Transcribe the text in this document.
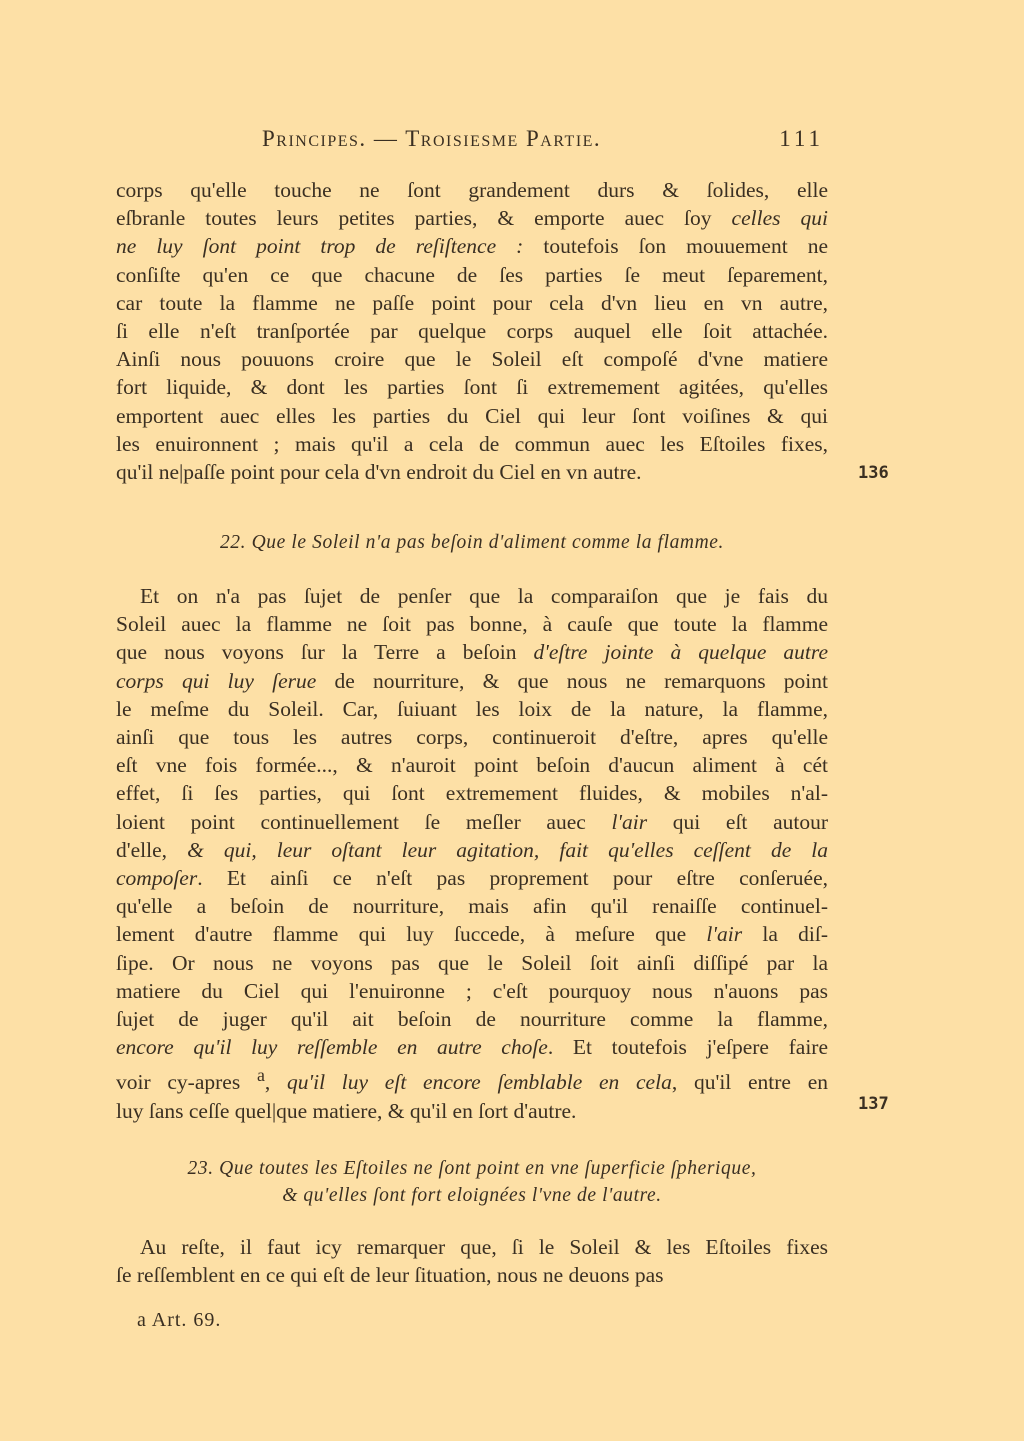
Principes. — Troisiesme Partie.	111
corps qu'elle touche ne ſont grandement durs & ſolides, elle
eſbranle toutes leurs petites parties, & emporte auec ſoy celles qui
ne luy ſont point trop de reſiſtence : toutefois ſon mouuement ne
conſiſte qu'en ce que chacune de ſes parties ſe meut ſeparement,
car toute la flamme ne paſſe point pour cela d'vn lieu en vn autre,
ſi elle n'eſt tranſportée par quelque corps auquel elle ſoit attachée.
Ainſi nous pouuons croire que le Soleil eſt compoſé d'vne matiere
fort liquide, & dont les parties ſont ſi extremement agitées, qu'elles
emportent auec elles les parties du Ciel qui leur ſont voiſines & qui
les enuironnent ; mais qu'il a cela de commun auec les Eſtoiles fixes,
qu'il ne|paſſe point pour cela d'vn endroit du Ciel en vn autre.	136
22. Que le Soleil n'a pas beſoin d'aliment comme la flamme.
Et on n'a pas ſujet de penſer que la comparaiſon que je fais du
Soleil auec la flamme ne ſoit pas bonne, à cauſe que toute la flamme
que nous voyons ſur la Terre a beſoin d'eſtre jointe à quelque autre
corps qui luy ſerue de nourriture, & que nous ne remarquons point
le meſme du Soleil. Car, ſuiuant les loix de la nature, la flamme,
ainſi que tous les autres corps, continueroit d'eſtre, apres qu'elle
eſt vne fois formée..., & n'auroit point beſoin d'aucun aliment à cét
effet, ſi ſes parties, qui ſont extremement fluides, & mobiles n'al-
loient point continuellement ſe meſler auec l'air qui eſt autour
d'elle, & qui, leur oſtant leur agitation, fait qu'elles ceſſent de la
compoſer. Et ainſi ce n'eſt pas proprement pour eſtre conſeruée,
qu'elle a beſoin de nourriture, mais afin qu'il renaiſſe continuel-
lement d'autre flamme qui luy ſuccede, à meſure que l'air la diſ-
ſipe. Or nous ne voyons pas que le Soleil ſoit ainſi diſſipé par la
matiere du Ciel qui l'enuironne ; c'eſt pourquoy nous n'auons pas
ſujet de juger qu'il ait beſoin de nourriture comme la flamme,
encore qu'il luy reſſemble en autre choſe. Et toutefois j'eſpere faire
voir cy-apres $^a$, qu'il luy eſt encore ſemblable en cela, qu'il entre en
luy ſans ceſſe quel|que matiere, & qu'il en ſort d'autre.	137
23. Que toutes les Eſtoiles ne ſont point en vne ſuperficie ſpherique,
& qu'elles ſont fort eloignées l'vne de l'autre.
Au reſte, il faut icy remarquer que, ſi le Soleil & les Eſtoiles fixes
ſe reſſemblent en ce qui eſt de leur ſituation, nous ne deuons pas
a Art. 69.
